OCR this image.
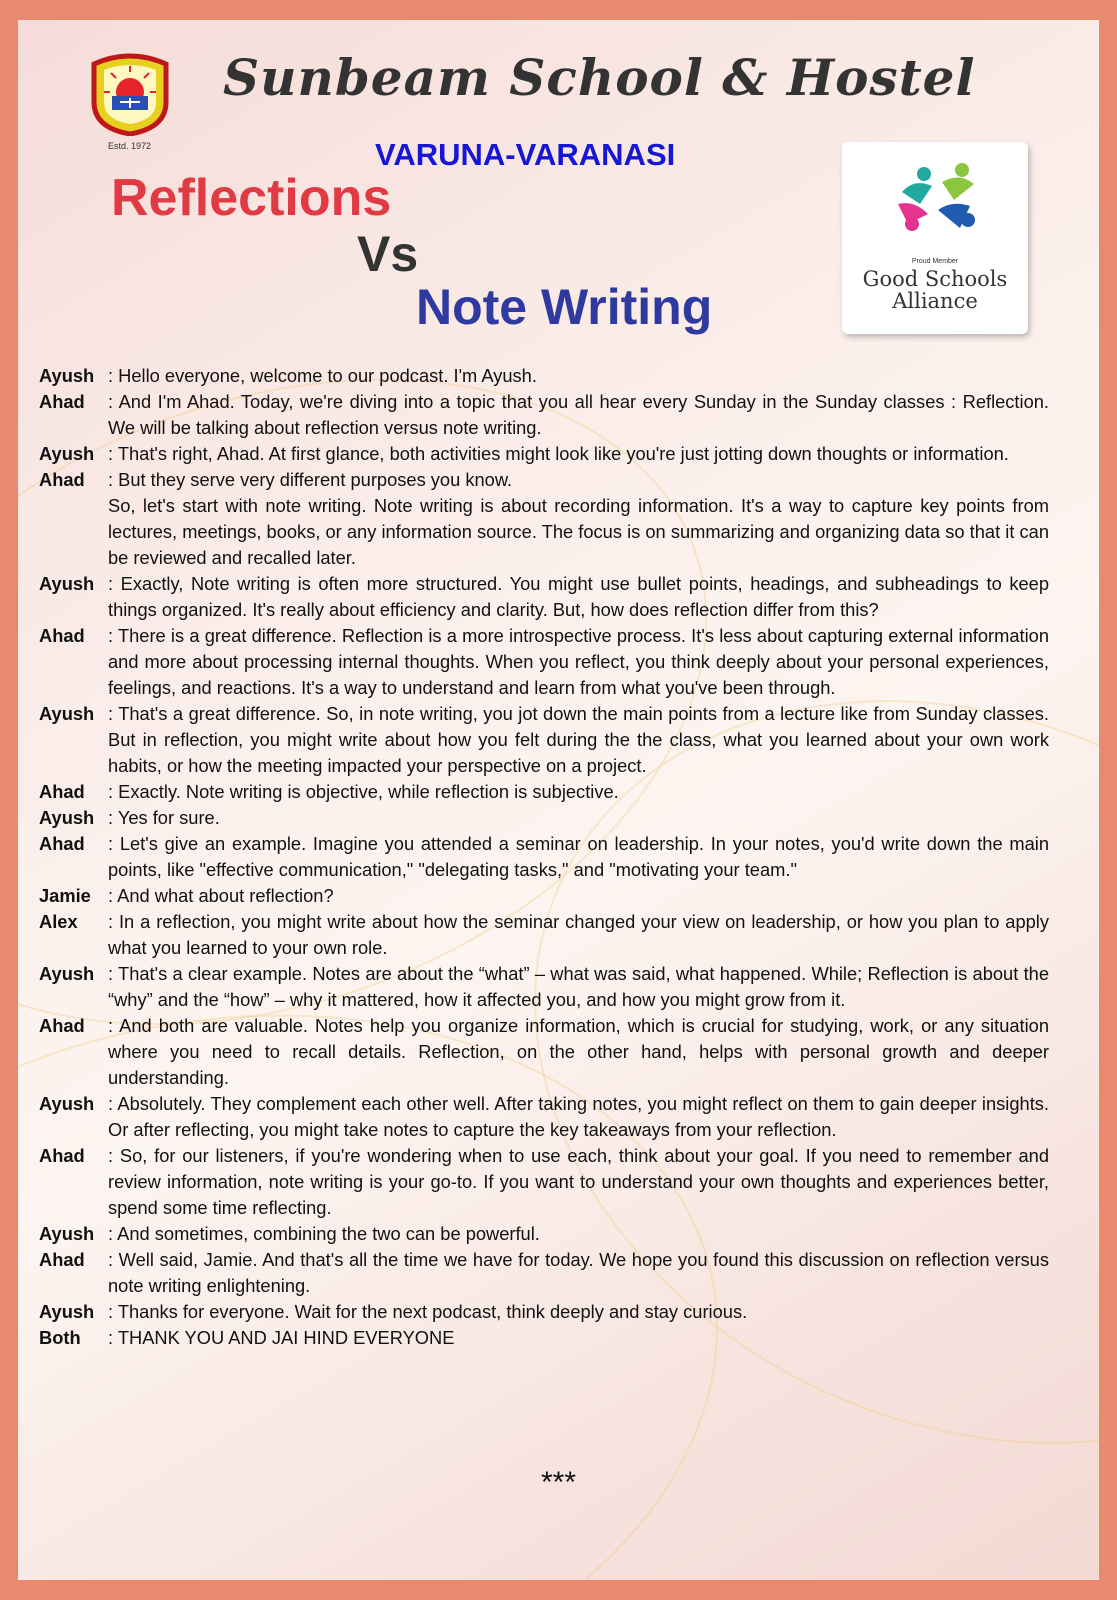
Estd. 1972
Sunbeam School & Hostel
VARUNA-VARANASI
Reflections
Vs
Note Writing
Proud Member
Good Schools Alliance
Ayush : Hello everyone, welcome to our podcast. I'm Ayush.
Ahad	: And I'm Ahad. Today, we're diving into a topic that you all hear every Sunday in the Sunday classes : Reflection. We will be talking about reflection versus note writing.
Ayush : That's right, Ahad. At first glance, both activities might look like you're just jotting down thoughts or information.
Ahad	: But they serve very different purposes you know.
So, let's start with note writing. Note writing is about recording information. It's a way to capture key points from lectures, meetings, books, or any information source. The focus is on summarizing and organizing data so that it can be reviewed and recalled later.
Ayush : Exactly, Note writing is often more structured. You might use bullet points, headings, and subheadings to keep things organized. It's really about efficiency and clarity. But, how does reflection differ from this?
Ahad	: There is a great difference. Reflection is a more introspective process. It's less about capturing external information and more about processing internal thoughts. When you reflect, you think deeply about your personal experiences, feelings, and reactions. It's a way to understand and learn from what you've been through.
Ayush : That's a great difference. So, in note writing, you jot down the main points from a lecture like from Sunday classes. But in reflection, you might write about how you felt during the the class, what you learned about your own work habits, or how the meeting impacted your perspective on a project.
Ahad	: Exactly. Note writing is objective, while reflection is subjective.
Ayush : Yes for sure.
Ahad	: Let's give an example. Imagine you attended a seminar on leadership. In your notes, you'd write down the main points, like "effective communication," "delegating tasks," and "motivating your team."
Jamie : And what about reflection?
Alex	: In a reflection, you might write about how the seminar changed your view on leadership, or how you plan to apply what you learned to your own role.
Ayush : That's a clear example. Notes are about the “what” – what was said, what happened. While; Reflection is about the “why” and the “how” – why it mattered, how it affected you, and how you might grow from it.
Ahad	: And both are valuable. Notes help you organize information, which is crucial for studying, work, or any situation where you need to recall details. Reflection, on the other hand, helps with personal growth and deeper understanding.
Ayush : Absolutely. They complement each other well. After taking notes, you might reflect on them to gain deeper insights. Or after reflecting, you might take notes to capture the key takeaways from your reflection.
Ahad	: So, for our listeners, if you're wondering when to use each, think about your goal. If you need to remember and review information, note writing is your go-to. If you want to understand your own thoughts and experiences better, spend some time reflecting.
Ayush : And sometimes, combining the two can be powerful.
Ahad	: Well said, Jamie. And that's all the time we have for today. We hope you found this discussion on reflection versus note writing enlightening.
Ayush : Thanks for everyone. Wait for the next podcast, think deeply and stay curious.
Both	: THANK YOU AND JAI HIND EVERYONE
***
